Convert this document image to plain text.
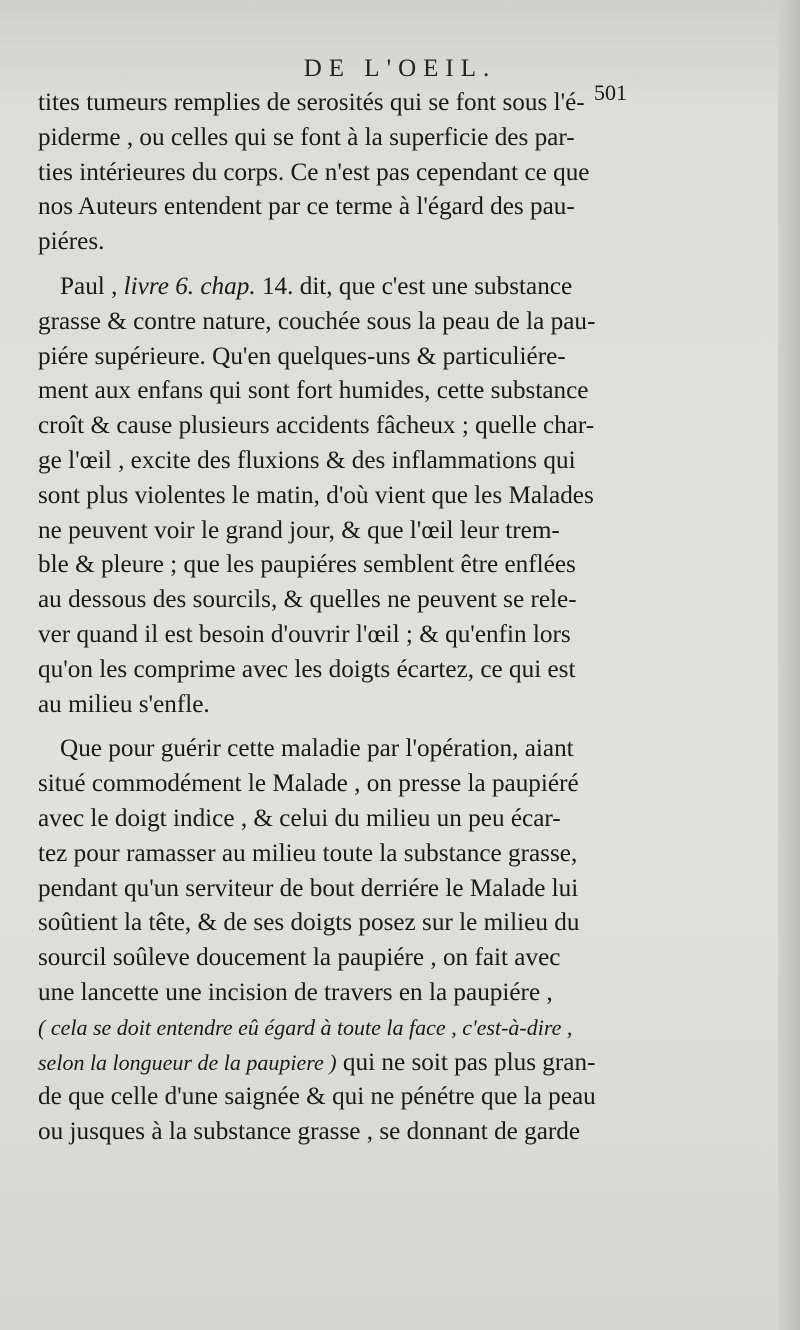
DE L'OEIL.
501

tites tumeurs remplies de serosités qui se font sous l'é-
piderme , ou celles qui se font à la superficie des par-
ties intérieures du corps. Ce n'est pas cependant ce que
nos Auteurs entendent par ce terme à l'égard des pau-
piéres.

Paul , livre 6. chap. 14. dit, que c'est une substance
grasse & contre nature, couchée sous la peau de la pau-
piére supérieure. Qu'en quelques-uns & particuliére-
ment aux enfans qui sont fort humides, cette substance
croît & cause plusieurs accidents fâcheux ; quelle char-
ge l'œil , excite des fluxions & des inflammations qui
sont plus violentes le matin, d'où vient que les Malades
ne peuvent voir le grand jour, & que l'œil leur trem-
ble & pleure ; que les paupiéres semblent être enflées
au dessous des sourcils, & quelles ne peuvent se rele-
ver quand il est besoin d'ouvrir l'œil ; & qu'enfin lors
qu'on les comprime avec les doigts écartez, ce qui est
au milieu s'enfle.

Que pour guérir cette maladie par l'opération, aiant
situé commodément le Malade , on presse la paupiéré
avec le doigt indice , & celui du milieu un peu écar-
tez pour ramasser au milieu toute la substance grasse,
pendant qu'un serviteur de bout derriére le Malade lui
soûtient la tête, & de ses doigts posez sur le milieu du
sourcil soûleve doucement la paupiére , on fait avec
une lancette une incision de travers en la paupiére ,
( cela se doit entendre eû égard à toute la face , c'est-à-dire ,
selon la longueur de la paupiere ) qui ne soit pas plus gran-
de que celle d'une saignée & qui ne pénétre que la peau
ou jusques à la substance grasse , se donnant de garde
